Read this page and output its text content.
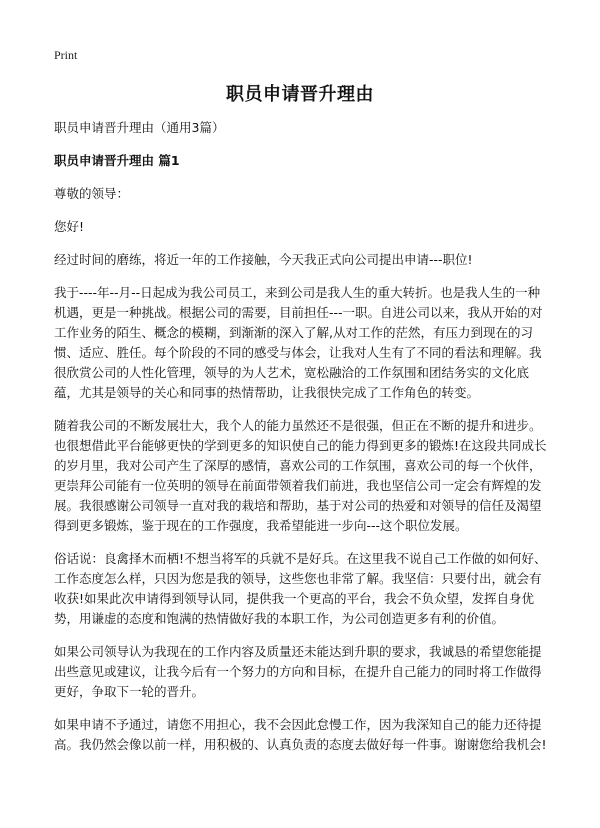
Print
职员申请晋升理由

职员申请晋升理由（通用3篇）

职员申请晋升理由 篇1

尊敬的领导：

您好!

经过时间的磨练，将近一年的工作接触，今天我正式向公司提出申请---职位!

我于----年--月--日起成为我公司员工，来到公司是我人生的重大转折。也是我人生的一种机遇，更是一种挑战。根据公司的需要，目前担任---一职。自进公司以来，我从开始的对工作业务的陌生、概念的模糊，到渐渐的深入了解,从对工作的茫然，有压力到现在的习惯、适应、胜任。每个阶段的不同的感受与体会，让我对人生有了不同的看法和理解。我很欣赏公司的人性化管理，领导的为人艺术，宽松融洽的工作氛围和团结务实的文化底蕴，尤其是领导的关心和同事的热情帮助，让我很快完成了工作角色的转变。

随着我公司的不断发展壮大，我个人的能力虽然还不是很强，但正在不断的提升和进步。也很想借此平台能够更快的学到更多的知识使自己的能力得到更多的锻炼!在这段共同成长的岁月里，我对公司产生了深厚的感情，喜欢公司的工作氛围，喜欢公司的每一个伙伴，更崇拜公司能有一位英明的领导在前面带领着我们前进，我也坚信公司一定会有辉煌的发展。我很感谢公司领导一直对我的栽培和帮助，基于对公司的热爱和对领导的信任及渴望得到更多锻炼，鉴于现在的工作强度，我希望能进一步向---这个职位发展。

俗话说：良禽择木而栖!不想当将军的兵就不是好兵。在这里我不说自己工作做的如何好、工作态度怎么样，只因为您是我的领导，这些您也非常了解。我坚信：只要付出，就会有收获!如果此次申请得到领导认同，提供我一个更高的平台，我会不负众望，发挥自身优势，用谦虚的态度和饱满的热情做好我的本职工作，为公司创造更多有利的价值。

如果公司领导认为我现在的工作内容及质量还未能达到升职的要求，我诚恳的希望您能提出些意见或建议，让我今后有一个努力的方向和目标，在提升自己能力的同时将工作做得更好，争取下一轮的晋升。

如果申请不予通过，请您不用担心，我不会因此怠慢工作，因为我深知自己的能力还待提高。我仍然会像以前一样，用积极的、认真负责的态度去做好每一件事。谢谢您给我机会!
